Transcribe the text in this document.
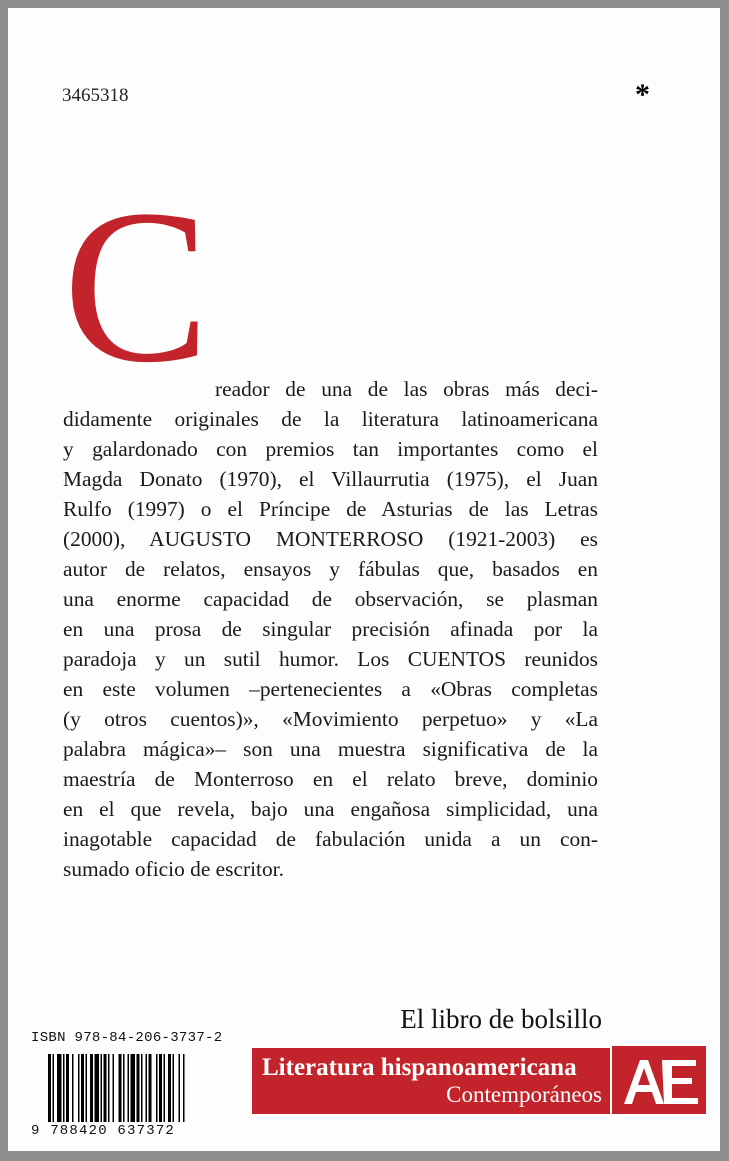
3465318	*
C reador de una de las obras más deci-
didamente originales de la literatura latinoamericana
y galardonado con premios tan importantes como el
Magda Donato (1970), el Villaurrutia (1975), el Juan
Rulfo (1997) o el Príncipe de Asturias de las Letras
(2000), AUGUSTO MONTERROSO (1921-2003) es
autor de relatos, ensayos y fábulas que, basados en
una enorme capacidad de observación, se plasman
en una prosa de singular precisión afinada por la
paradoja y un sutil humor. Los CUENTOS reunidos
en este volumen –pertenecientes a «Obras completas
(y otros cuentos)», «Movimiento perpetuo» y «La
palabra mágica»– son una muestra significativa de la
maestría de Monterroso en el relato breve, dominio
en el que revela, bajo una engañosa simplicidad, una
inagotable capacidad de fabulación unida a un con-
sumado oficio de escritor.
El libro de bolsillo
ISBN 978-84-206-3737-2
9 788420 637372
Literatura hispanoamericana
Contemporáneos
